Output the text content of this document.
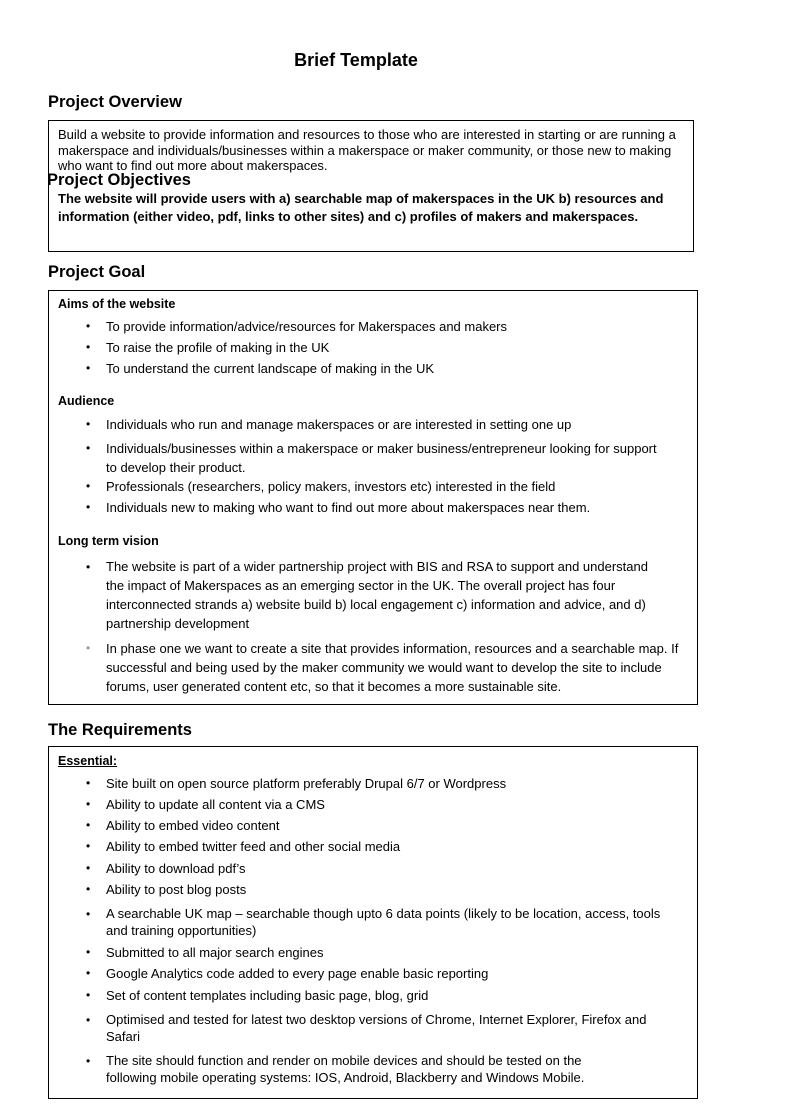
Brief Template
Project Overview
Build a website to provide information and resources to those who are interested in starting or are running a makerspace and individuals/businesses within a makerspace or maker community, or those new to making who want to find out more about makerspaces.
Project Objectives
The website will provide users with a) searchable map of makerspaces in the UK b) resources and information (either video, pdf, links to other sites) and c) profiles of makers and makerspaces.
Project Goal
Aims of the website
• To provide information/advice/resources for Makerspaces and makers
• To raise the profile of making in the UK
• To understand the current landscape of making in the UK
Audience
• Individuals who run and manage makerspaces or are interested in setting one up
• Individuals/businesses within a makerspace or maker business/entrepreneur looking for support to develop their product.
• Professionals (researchers, policy makers, investors etc) interested in the field
• Individuals new to making who want to find out more about makerspaces near them.
Long term vision
• The website is part of a wider partnership project with BIS and RSA to support and understand the impact of Makerspaces as an emerging sector in the UK. The overall project has four interconnected strands a) website build b) local engagement c) information and advice, and d) partnership development
• In phase one we want to create a site that provides information, resources and a searchable map. If successful and being used by the maker community we would want to develop the site to include forums, user generated content etc, so that it becomes a more sustainable site.
The Requirements
Essential:
• Site built on open source platform preferably Drupal 6/7 or Wordpress
• Ability to update all content via a CMS
• Ability to embed video content
• Ability to embed twitter feed and other social media
• Ability to download pdf’s
• Ability to post blog posts
• A searchable UK map – searchable though upto 6 data points (likely to be location, access, tools and training opportunities)
• Submitted to all major search engines
• Google Analytics code added to every page enable basic reporting
• Set of content templates including basic page, blog, grid
• Optimised and tested for latest two desktop versions of Chrome, Internet Explorer, Firefox and Safari
• The site should function and render on mobile devices and should be tested on the following mobile operating systems: IOS, Android, Blackberry and Windows Mobile.
